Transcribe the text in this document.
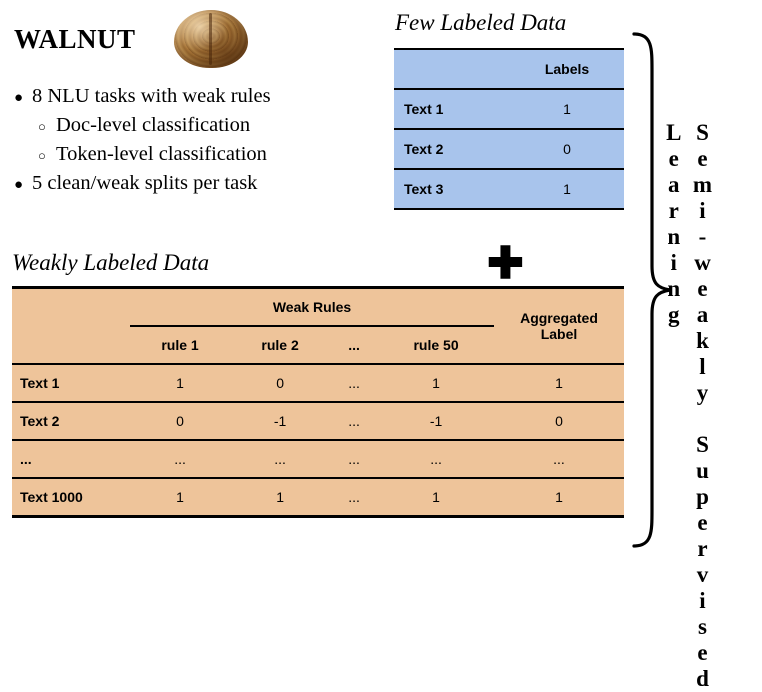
WALNUT
● 8 NLU tasks with weak rules
○ Doc-level classification
○ Token-level classification
● 5 clean/weak splits per task
Few Labeled Data
	Labels
Text 1	1
Text 2	0
Text 3	1
✚
Weakly Labeled Data
	Weak Rules				Aggregated
Label
	rule 1	rule 2	...	rule 50	
Text 1	1	0	...	1	1
Text 2	0	-1	...	-1	0
...	...	...	...	...	...
Text 1000	1	1	...	1	1	Semi-weakly Supervised
Learning
